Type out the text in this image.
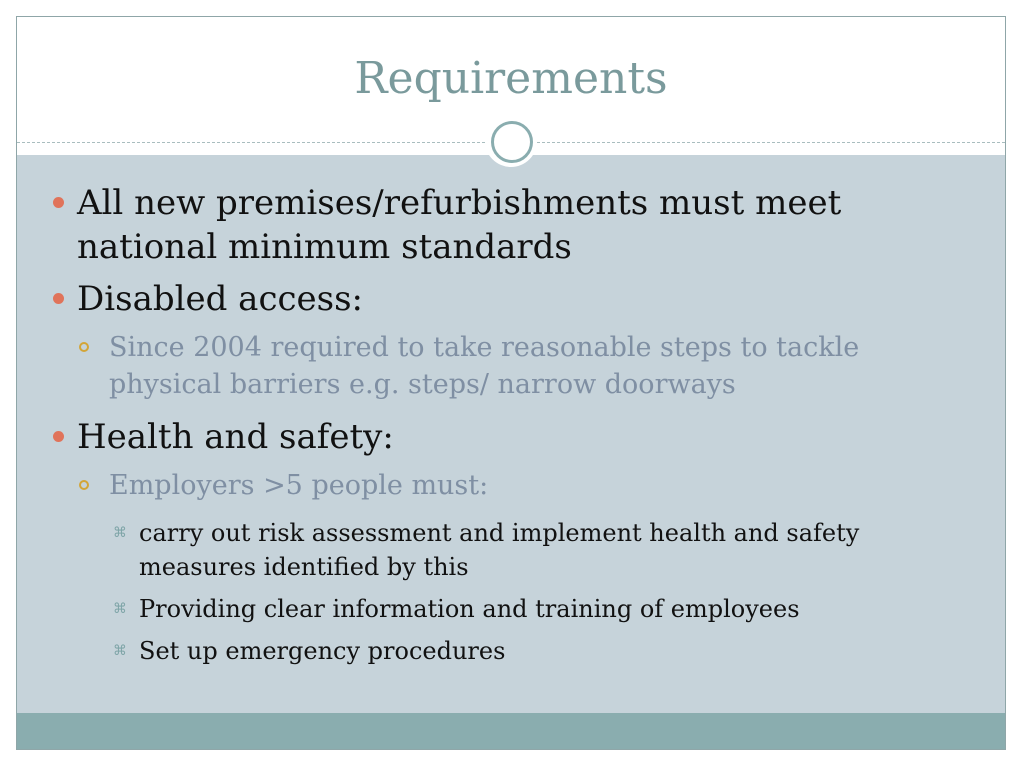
Requirements
All new premises/refurbishments must meet national minimum standards
Disabled access:
Since 2004 required to take reasonable steps to tackle physical barriers e.g. steps/ narrow doorways
Health and safety:
Employers >5 people must:
⌘ carry out risk assessment and implement health and safety measures identified by this
⌘ Providing clear information and training of employees
⌘ Set up emergency procedures
